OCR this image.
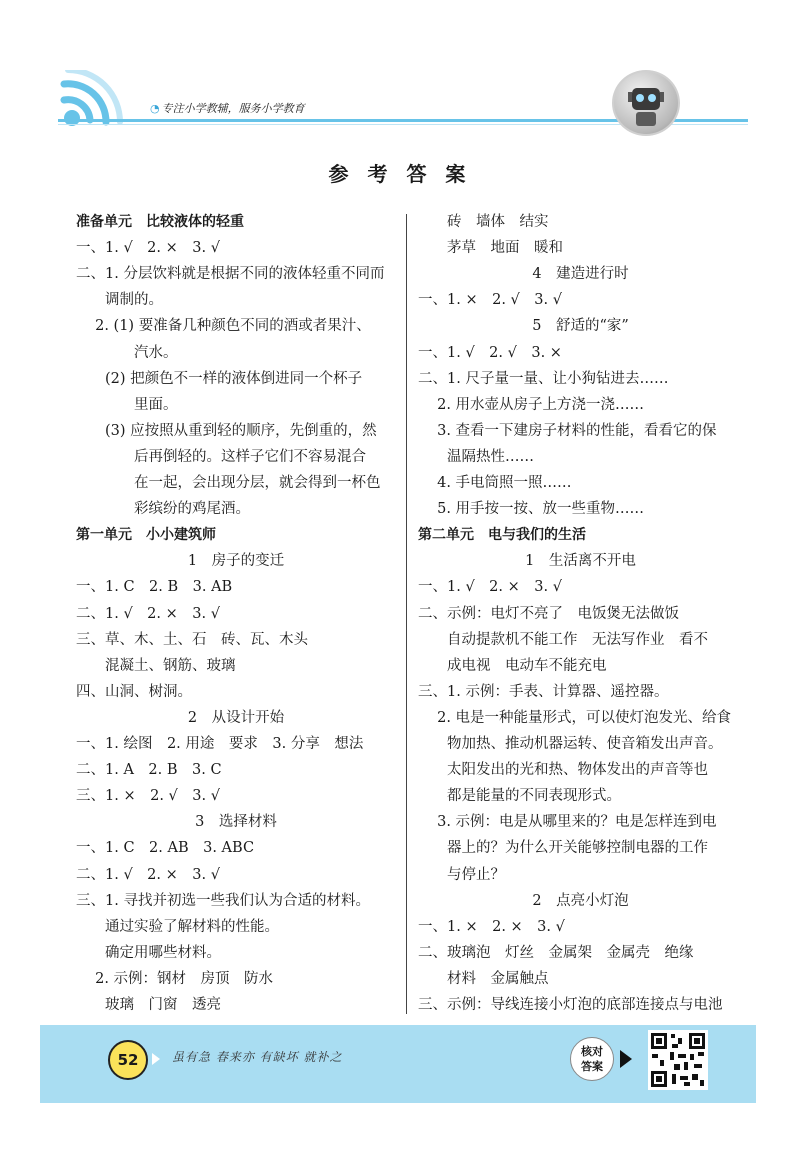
◔ 专注小学教辅，服务小学教育
参 考 答 案
准备单元　比较液体的轻重
一、1. √　2. ×　3. √
二、1. 分层饮料就是根据不同的液体轻重不同而
　　调制的。
　 2. (1) 要准备几种颜色不同的酒或者果汁、
　　　　汽水。
　　(2) 把颜色不一样的液体倒进同一个杯子
　　　　里面。
　　(3) 应按照从重到轻的顺序，先倒重的，然
　　　　后再倒轻的。这样子它们不容易混合
　　　　在一起，会出现分层，就会得到一杯色
　　　　彩缤纷的鸡尾酒。
第一单元　小小建筑师
1　房子的变迁
一、1. C　2. B　3. AB
二、1. √　2. ×　3. √
三、草、木、土、石　砖、瓦、木头
　　混凝土、钢筋、玻璃
四、山洞、树洞。
2　从设计开始
一、1. 绘图　2. 用途　要求　3. 分享　想法
二、1. A　2. B　3. C
三、1. ×　2. √　3. √
3　选择材料
一、1. C　2. AB　3. ABC
二、1. √　2. ×　3. √
三、1. 寻找并初选一些我们认为合适的材料。
　　通过实验了解材料的性能。
　　确定用哪些材料。
　 2. 示例：钢材　房顶　防水
　　玻璃　门窗　透亮
　　砖　墙体　结实
　　茅草　地面　暖和
4　建造进行时
一、1. ×　2. √　3. √
5　舒适的“家”
一、1. √　2. √　3. ×
二、1. 尺子量一量、让小狗钻进去……
　 2. 用水壶从房子上方浇一浇……
　 3. 查看一下建房子材料的性能，看看它的保
　　温隔热性……
　 4. 手电筒照一照……
　 5. 用手按一按、放一些重物……
第二单元　电与我们的生活
1　生活离不开电
一、1. √　2. ×　3. √
二、示例：电灯不亮了　电饭煲无法做饭
　　自动提款机不能工作　无法写作业　看不
　　成电视　电动车不能充电
三、1. 示例：手表、计算器、遥控器。
　 2. 电是一种能量形式，可以使灯泡发光、给食
　　物加热、推动机器运转、使音箱发出声音。
　　太阳发出的光和热、物体发出的声音等也
　　都是能量的不同表现形式。
　 3. 示例：电是从哪里来的？电是怎样连到电
　　器上的？为什么开关能够控制电器的工作
　　与停止？
2　点亮小灯泡
一、1. ×　2. ×　3. √
二、玻璃泡　灯丝　金属架　金属壳　绝缘
　　材料　金属触点
三、示例：导线连接小灯泡的底部连接点与电池
52	虽有急 春来亦 有缺坏 就补之	核对
答案
